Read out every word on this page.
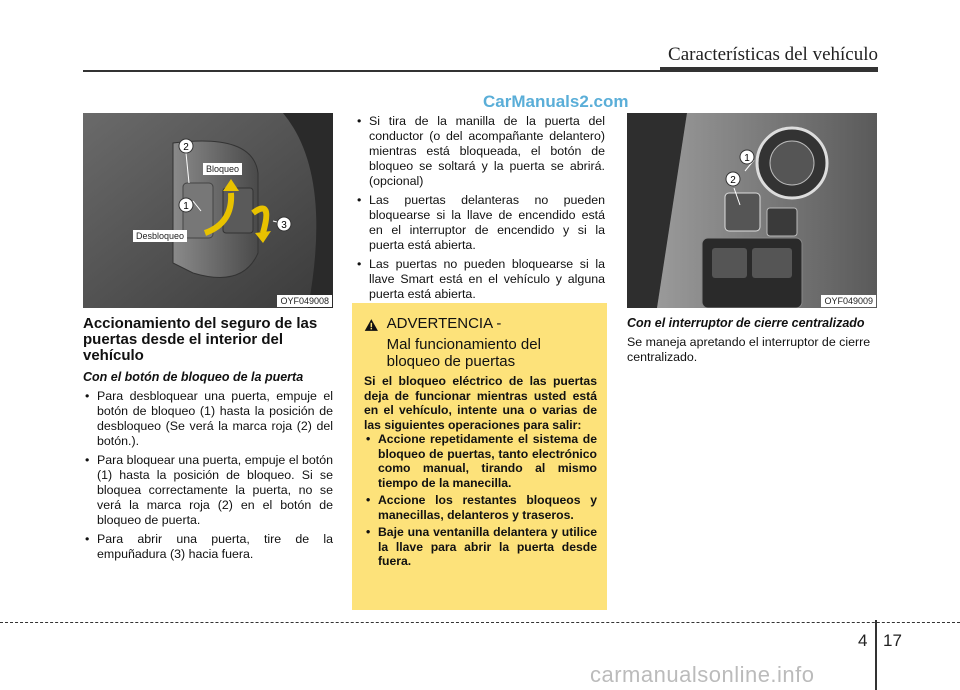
Características del vehículo
CarManuals2.com
2
1
3
Bloqueo
Desbloqueo
OYF049008
1
2
OYF049009
Accionamiento del seguro de las puertas desde el interior del vehículo
Con el botón de bloqueo de la puerta
• Para desbloquear una puerta, empuje el botón de bloqueo (1) hasta la posición de desbloqueo (Se verá la marca roja (2) del botón.).
• Para bloquear una puerta, empuje el botón (1) hasta la posición de bloqueo. Si se bloquea correctamente la puerta, no se verá la marca roja (2) en el botón de bloqueo de puerta.
• Para abrir una puerta, tire de la empuñadura (3) hacia fuera.
• Si tira de la manilla de la puerta del conductor (o del acompañante delantero) mientras está bloqueada, el botón de bloqueo se soltará y la puerta se abrirá. (opcional)
• Las puertas delanteras no pueden bloquearse si la llave de encendido está en el interruptor de encendido y si la puerta está abierta.
• Las puertas no pueden bloquearse si la llave Smart está en el vehículo y alguna puerta está abierta.
ADVERTENCIA -
Mal funcionamiento del bloqueo de puertas

Si el bloqueo eléctrico de las puertas deja de funcionar mientras usted está en el vehículo, intente una o varias de las siguientes operaciones para salir:

• Accione repetidamente el sistema de bloqueo de puertas, tanto electrónico como manual, tirando al mismo tiempo de la manecilla.
• Accione los restantes bloqueos y manecillas, delanteros y traseros.
• Baje una ventanilla delantera y utilice la llave para abrir la puerta desde fuera.
Con el interruptor de cierre centralizado
Se maneja apretando el interruptor de cierre centralizado.
4 17
carmanualsonline.info
